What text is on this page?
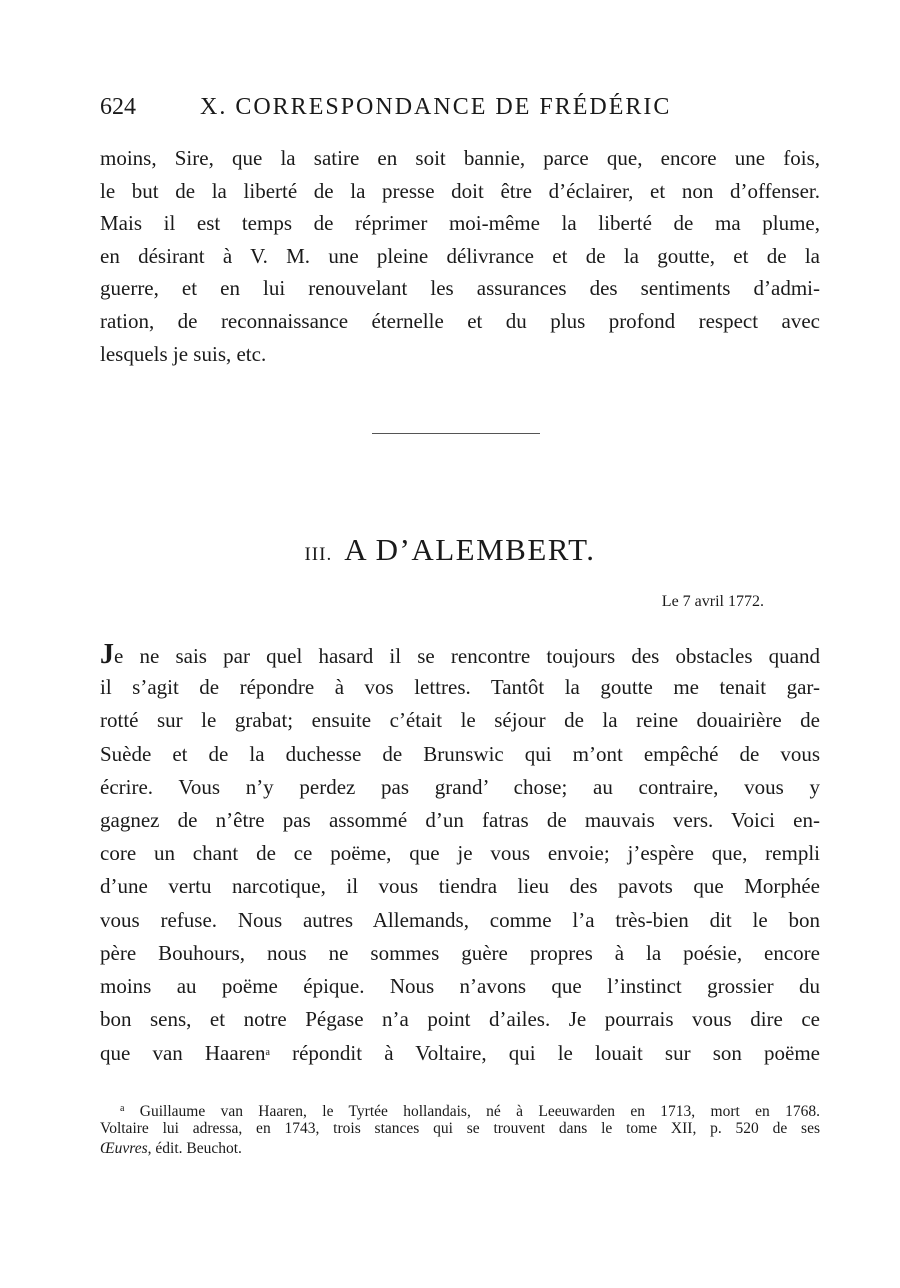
624	X. CORRESPONDANCE DE FRÉDÉRIC
moins, Sire, que la satire en soit bannie, parce que, encore une fois,
le but de la liberté de la presse doit être d’éclairer, et non d’offenser.
Mais il est temps de réprimer moi-même la liberté de ma plume,
en désirant à V. M. une pleine délivrance et de la goutte, et de la
guerre, et en lui renouvelant les assurances des sentiments d’admi-
ration, de reconnaissance éternelle et du plus profond respect avec
lesquels je suis, etc.
III. A D’ALEMBERT.
Le 7 avril 1772.
Je ne sais par quel hasard il se rencontre toujours des obstacles quand
il s’agit de répondre à vos lettres. Tantôt la goutte me tenait gar-
rotté sur le grabat; ensuite c’était le séjour de la reine douairière de
Suède et de la duchesse de Brunswic qui m’ont empêché de vous
écrire. Vous n’y perdez pas grand’ chose; au contraire, vous y
gagnez de n’être pas assommé d’un fatras de mauvais vers. Voici en-
core un chant de ce poëme, que je vous envoie; j’espère que, rempli
d’une vertu narcotique, il vous tiendra lieu des pavots que Morphée
vous refuse. Nous autres Allemands, comme l’a très-bien dit le bon
père Bouhours, nous ne sommes guère propres à la poésie, encore
moins au poëme épique. Nous n’avons que l’instinct grossier du
bon sens, et notre Pégase n’a point d’ailes. Je pourrais vous dire ce
que van Haaren$^a$ répondit à Voltaire, qui le louait sur son poëme
$^a$ Guillaume van Haaren, le Tyrtée hollandais, né à Leeuwarden en 1713, mort en 1768.
Voltaire lui adressa, en 1743, trois stances qui se trouvent dans le tome XII, p. 520 de ses
Œuvres, édit. Beuchot.
